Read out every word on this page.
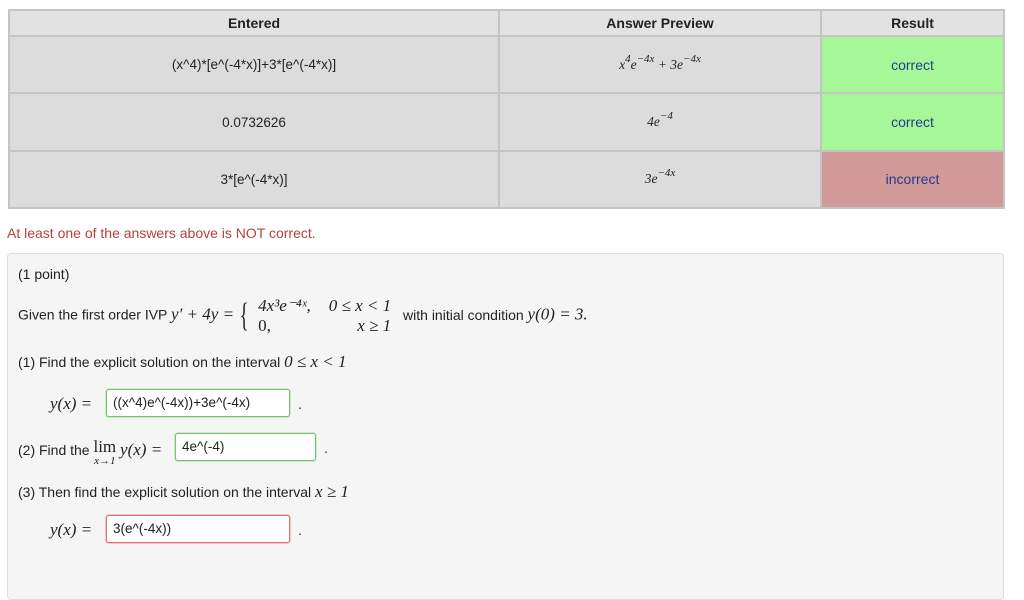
Entered	Answer Preview	Result
(x^4)*[e^(-4*x)]+3*[e^(-4*x)]	$x^4e^{-4x} + 3e^{-4x}$	correct
0.0732626	$4e^{-4}$	correct
3*[e^(-4*x)]	$3e^{-4x}$	incorrect
At least one of the answers above is NOT correct.
(1 point)
Given the first order IVP y′ + 4y = { 4x³e⁻⁴ˣ,	0 ≤ x < 1
0,	x ≥ 1
with initial condition y(0) = 3.
(1) Find the explicit solution on the interval 0 ≤ x < 1
y(x) =	((x^4)e^(-4x))+3e^(-4x)	.
(2) Find the lim
x→1
y(x) =	4e^(-4)	.
(3) Then find the explicit solution on the interval x ≥ 1
y(x) =	3(e^(-4x))	.
